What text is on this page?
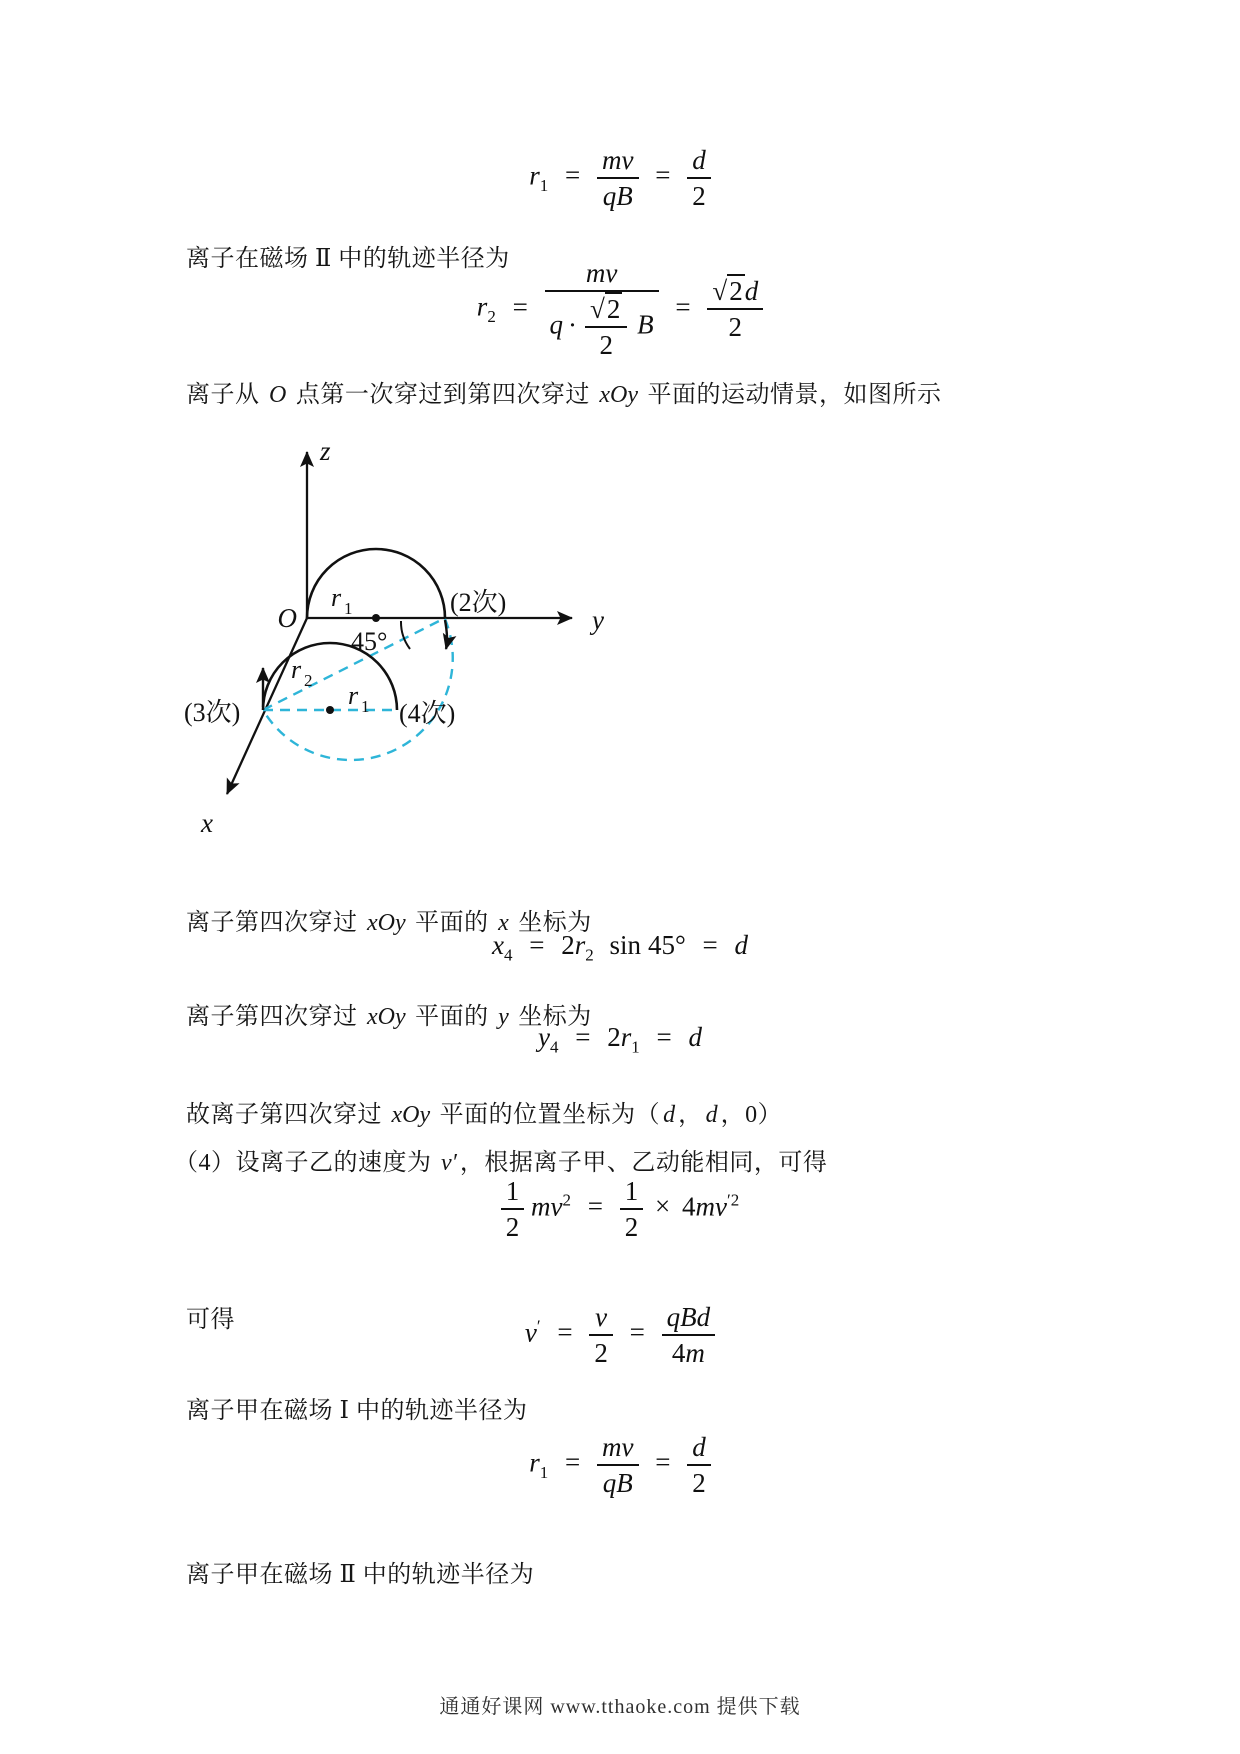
$r_1 = \frac{mv}{qB} = \frac{d}{2}$

离子在磁场 Ⅱ 中的轨迹半径为

$r_2 = \frac{mv}{q \cdot \frac{√2}{2} B} = \frac{√2d}{2}$

离子从 O 点第一次穿过到第四次穿过 xOy 平面的运动情景，如图所示

O
z
y
x
r 1
r 2
r 1
45°
(2次)
(3次)	(4次)

离子第四次穿过 xOy 平面的 x 坐标为

$x_4 = 2r_2$ sin 45° = d

离子第四次穿过 xOy 平面的 y 坐标为

$y_4 = 2r_1 = d$

故离子第四次穿过 xOy 平面的位置坐标为（ d ， d ，0）

（4）设离子乙的速度为 v′ ，根据离子甲、乙动能相同，可得

$\frac{1}{2} mv^2 = \frac{1}{2} \times 4mv^{'2}$

可得	$v' = \frac{v}{2} = \frac{\text{qBd}}{4m}$

离子甲在磁场 Ⅰ 中的轨迹半径为

$r_1 = \frac{mv}{qB} = \frac{d}{2}$

离子甲在磁场 Ⅱ 中的轨迹半径为

通通好课网 www.tthaoke.com 提供下载
